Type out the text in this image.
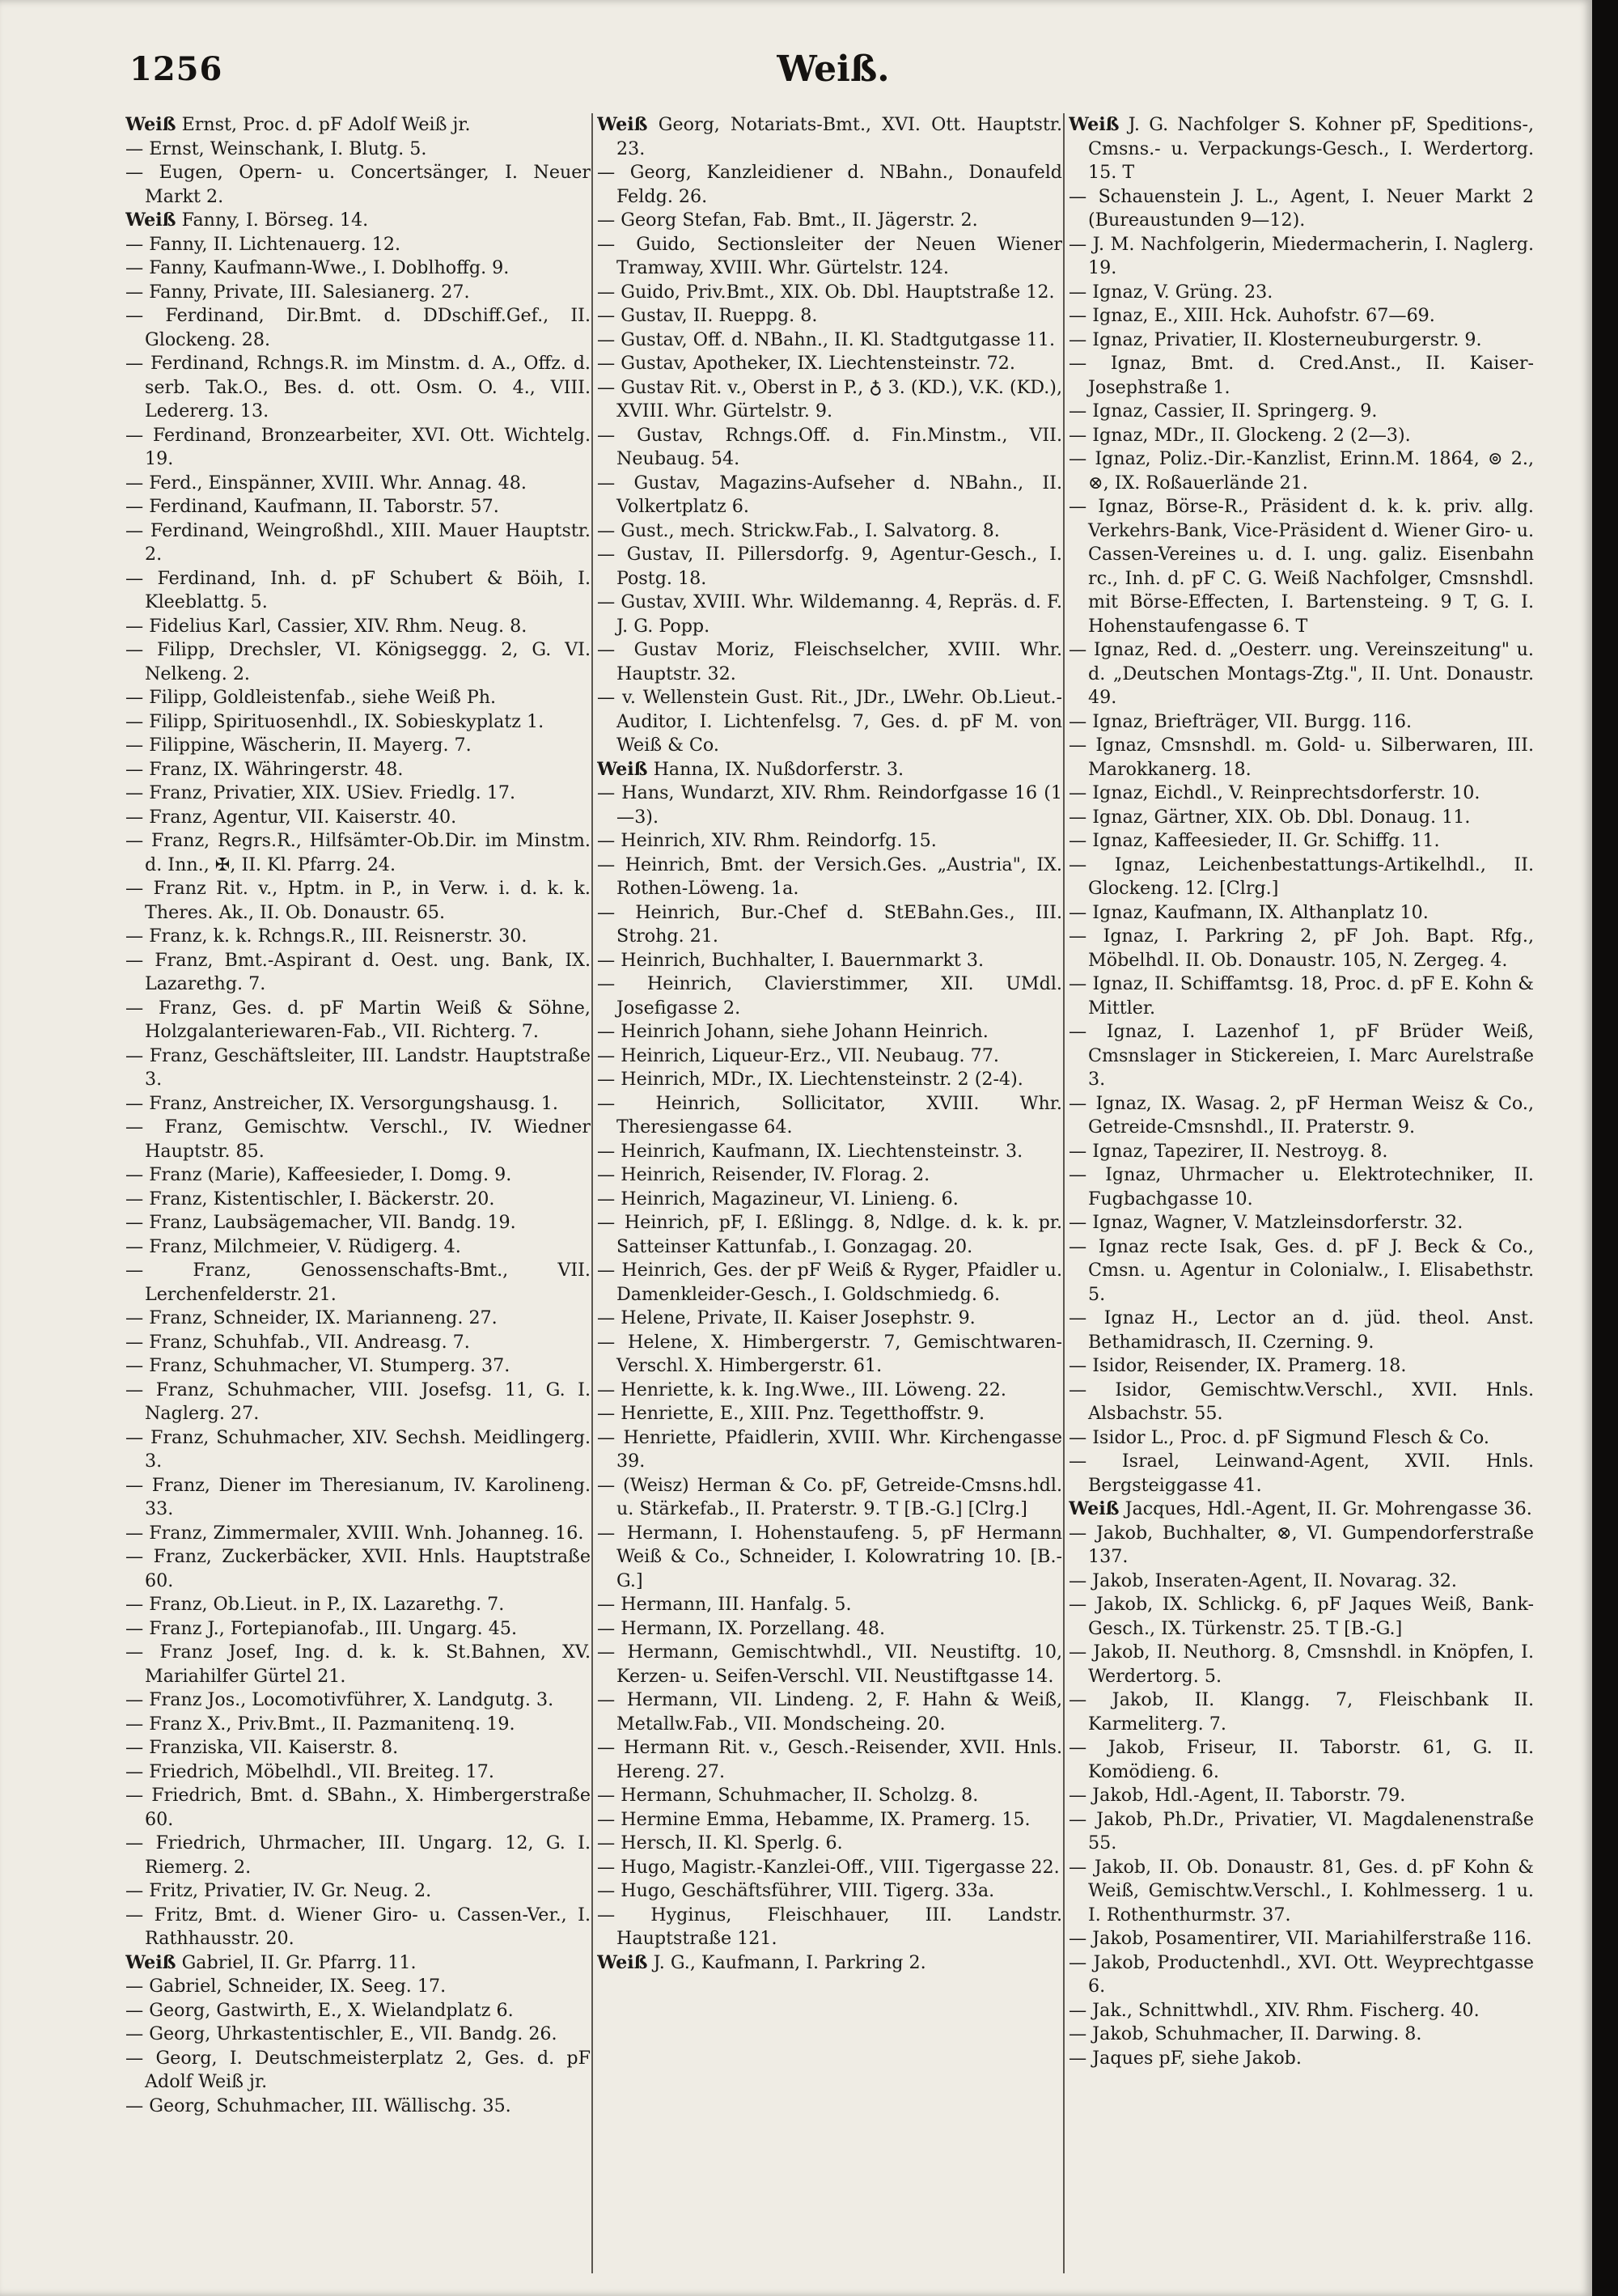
1256	Weiß.
Weiß Ernst, Proc. d. pF Adolf Weiß jr.
— Ernst, Weinschank, I. Blutg. 5.
— Eugen, Opern- u. Concertsänger, I. Neuer Markt 2.
Weiß Fanny, I. Börseg. 14.
— Fanny, II. Lichtenauerg. 12.
— Fanny, Kaufmann-Wwe., I. Doblhoffg. 9.
— Fanny, Private, III. Salesianerg. 27.
— Ferdinand, Dir.Bmt. d. DDschiff.Gef., II. Glockeng. 28.
— Ferdinand, Rchngs.R. im Minstm. d. A., Offz. d. serb. Tak.O., Bes. d. ott. Osm. O. 4., VIII. Ledererg. 13.
— Ferdinand, Bronzearbeiter, XVI. Ott. Wichtelg. 19.
— Ferd., Einspänner, XVIII. Whr. Annag. 48.
— Ferdinand, Kaufmann, II. Taborstr. 57.
— Ferdinand, Weingroßhdl., XIII. Mauer Hauptstr. 2.
— Ferdinand, Inh. d. pF Schubert & Böih, I. Kleeblattg. 5.
— Fidelius Karl, Cassier, XIV. Rhm. Neug. 8.
— Filipp, Drechsler, VI. Königseggg. 2, G. VI. Nelkeng. 2.
— Filipp, Goldleistenfab., siehe Weiß Ph.
— Filipp, Spirituosenhdl., IX. Sobieskyplatz 1.
— Filippine, Wäscherin, II. Mayerg. 7.
— Franz, IX. Währingerstr. 48.
— Franz, Privatier, XIX. USiev. Friedlg. 17.
— Franz, Agentur, VII. Kaiserstr. 40.
— Franz, Regrs.R., Hilfsämter-Ob.Dir. im Minstm. d. Inn., ✠, II. Kl. Pfarrg. 24.
— Franz Rit. v., Hptm. in P., in Verw. i. d. k. k. Theres. Ak., II. Ob. Donaustr. 65.
— Franz, k. k. Rchngs.R., III. Reisnerstr. 30.
— Franz, Bmt.-Aspirant d. Oest. ung. Bank, IX. Lazarethg. 7.
— Franz, Ges. d. pF Martin Weiß & Söhne, Holzgalanteriewaren-Fab., VII. Richterg. 7.
— Franz, Geschäftsleiter, III. Landstr. Hauptstraße 3.
— Franz, Anstreicher, IX. Versorgungshausg. 1.
— Franz, Gemischtw. Verschl., IV. Wiedner Hauptstr. 85.
— Franz (Marie), Kaffeesieder, I. Domg. 9.
— Franz, Kistentischler, I. Bäckerstr. 20.
— Franz, Laubsägemacher, VII. Bandg. 19.
— Franz, Milchmeier, V. Rüdigerg. 4.
— Franz, Genossenschafts-Bmt., VII. Lerchenfelderstr. 21.
— Franz, Schneider, IX. Marianneng. 27.
— Franz, Schuhfab., VII. Andreasg. 7.
— Franz, Schuhmacher, VI. Stumperg. 37.
— Franz, Schuhmacher, VIII. Josefsg. 11, G. I. Naglerg. 27.
— Franz, Schuhmacher, XIV. Sechsh. Meidlingerg. 3.
— Franz, Diener im Theresianum, IV. Karolineng. 33.
— Franz, Zimmermaler, XVIII. Wnh. Johanneg. 16.
— Franz, Zuckerbäcker, XVII. Hnls. Hauptstraße 60.
— Franz, Ob.Lieut. in P., IX. Lazarethg. 7.
— Franz J., Fortepianofab., III. Ungarg. 45.
— Franz Josef, Ing. d. k. k. St.Bahnen, XV. Mariahilfer Gürtel 21.
— Franz Jos., Locomotivführer, X. Landgutg. 3.
— Franz X., Priv.Bmt., II. Pazmanitenq. 19.
— Franziska, VII. Kaiserstr. 8.
— Friedrich, Möbelhdl., VII. Breiteg. 17.
— Friedrich, Bmt. d. SBahn., X. Himbergerstraße 60.
— Friedrich, Uhrmacher, III. Ungarg. 12, G. I. Riemerg. 2.
— Fritz, Privatier, IV. Gr. Neug. 2.
— Fritz, Bmt. d. Wiener Giro- u. Cassen-Ver., I. Rathhausstr. 20.
Weiß Gabriel, II. Gr. Pfarrg. 11.
— Gabriel, Schneider, IX. Seeg. 17.
— Georg, Gastwirth, E., X. Wielandplatz 6.
— Georg, Uhrkastentischler, E., VII. Bandg. 26.
— Georg, I. Deutschmeisterplatz 2, Ges. d. pF Adolf Weiß jr.
— Georg, Schuhmacher, III. Wällischg. 35.
Weiß Georg, Notariats-Bmt., XVI. Ott. Hauptstr. 23.
— Georg, Kanzleidiener d. NBahn., Donaufeld Feldg. 26.
— Georg Stefan, Fab. Bmt., II. Jägerstr. 2.
— Guido, Sectionsleiter der Neuen Wiener Tramway, XVIII. Whr. Gürtelstr. 124.
— Guido, Priv.Bmt., XIX. Ob. Dbl. Hauptstraße 12.
— Gustav, II. Rueppg. 8.
— Gustav, Off. d. NBahn., II. Kl. Stadtgutgasse 11.
— Gustav, Apotheker, IX. Liechtensteinstr. 72.
— Gustav Rit. v., Oberst in P., ♁ 3. (KD.), V.K. (KD.), XVIII. Whr. Gürtelstr. 9.
— Gustav, Rchngs.Off. d. Fin.Minstm., VII. Neubaug. 54.
— Gustav, Magazins-Aufseher d. NBahn., II. Volkertplatz 6.
— Gust., mech. Strickw.Fab., I. Salvatorg. 8.
— Gustav, II. Pillersdorfg. 9, Agentur-Gesch., I. Postg. 18.
— Gustav, XVIII. Whr. Wildemanng. 4, Repräs. d. F. J. G. Popp.
— Gustav Moriz, Fleischselcher, XVIII. Whr. Hauptstr. 32.
— v. Wellenstein Gust. Rit., JDr., LWehr. Ob.Lieut.-Auditor, I. Lichtenfelsg. 7, Ges. d. pF M. von Weiß & Co.
Weiß Hanna, IX. Nußdorferstr. 3.
— Hans, Wundarzt, XIV. Rhm. Reindorfgasse 16 (1—3).
— Heinrich, XIV. Rhm. Reindorfg. 15.
— Heinrich, Bmt. der Versich.Ges. „Austria", IX. Rothen-Löweng. 1a.
— Heinrich, Bur.-Chef d. StEBahn.Ges., III. Strohg. 21.
— Heinrich, Buchhalter, I. Bauernmarkt 3.
— Heinrich, Clavierstimmer, XII. UMdl. Josefigasse 2.
— Heinrich Johann, siehe Johann Heinrich.
— Heinrich, Liqueur-Erz., VII. Neubaug. 77.
— Heinrich, MDr., IX. Liechtensteinstr. 2 (2-4).
— Heinrich, Sollicitator, XVIII. Whr. Theresiengasse 64.
— Heinrich, Kaufmann, IX. Liechtensteinstr. 3.
— Heinrich, Reisender, IV. Florag. 2.
— Heinrich, Magazineur, VI. Linieng. 6.
— Heinrich, pF, I. Eßlingg. 8, Ndlge. d. k. k. pr. Satteinser Kattunfab., I. Gonzagag. 20.
— Heinrich, Ges. der pF Weiß & Ryger, Pfaidler u. Damenkleider-Gesch., I. Goldschmiedg. 6.
— Helene, Private, II. Kaiser Josephstr. 9.
— Helene, X. Himbergerstr. 7, Gemischtwaren-Verschl. X. Himbergerstr. 61.
— Henriette, k. k. Ing.Wwe., III. Löweng. 22.
— Henriette, E., XIII. Pnz. Tegetthoffstr. 9.
— Henriette, Pfaidlerin, XVIII. Whr. Kirchengasse 39.
— (Weisz) Herman & Co. pF, Getreide-Cmsns.hdl. u. Stärkefab., II. Praterstr. 9. T [B.-G.] [Clrg.]
— Hermann, I. Hohenstaufeng. 5, pF Hermann Weiß & Co., Schneider, I. Kolowratring 10. [B.-G.]
— Hermann, III. Hanfalg. 5.
— Hermann, IX. Porzellang. 48.
— Hermann, Gemischtwhdl., VII. Neustiftg. 10, Kerzen- u. Seifen-Verschl. VII. Neustiftgasse 14.
— Hermann, VII. Lindeng. 2, F. Hahn & Weiß, Metallw.Fab., VII. Mondscheing. 20.
— Hermann Rit. v., Gesch.-Reisender, XVII. Hnls. Hereng. 27.
— Hermann, Schuhmacher, II. Scholzg. 8.
— Hermine Emma, Hebamme, IX. Pramerg. 15.
— Hersch, II. Kl. Sperlg. 6.
— Hugo, Magistr.-Kanzlei-Off., VIII. Tigergasse 22.
— Hugo, Geschäftsführer, VIII. Tigerg. 33a.
— Hyginus, Fleischhauer, III. Landstr. Hauptstraße 121.
Weiß J. G., Kaufmann, I. Parkring 2.
Weiß J. G. Nachfolger S. Kohner pF, Speditions-, Cmsns.- u. Verpackungs-Gesch., I. Werdertorg. 15. T
— Schauenstein J. L., Agent, I. Neuer Markt 2 (Bureaustunden 9—12).
— J. M. Nachfolgerin, Miedermacherin, I. Naglerg. 19.
— Ignaz, V. Grüng. 23.
— Ignaz, E., XIII. Hck. Auhofstr. 67—69.
— Ignaz, Privatier, II. Klosterneuburgerstr. 9.
— Ignaz, Bmt. d. Cred.Anst., II. Kaiser-Josephstraße 1.
— Ignaz, Cassier, II. Springerg. 9.
— Ignaz, MDr., II. Glockeng. 2 (2—3).
— Ignaz, Poliz.-Dir.-Kanzlist, Erinn.M. 1864, ⊚ 2., ⊗, IX. Roßauerlände 21.
— Ignaz, Börse-R., Präsident d. k. k. priv. allg. Verkehrs-Bank, Vice-Präsident d. Wiener Giro- u. Cassen-Vereines u. d. I. ung. galiz. Eisenbahn rc., Inh. d. pF C. G. Weiß Nachfolger, Cmsnshdl. mit Börse-Effecten, I. Bartensteing. 9 T, G. I. Hohenstaufengasse 6. T
— Ignaz, Red. d. „Oesterr. ung. Vereinszeitung" u. d. „Deutschen Montags-Ztg.", II. Unt. Donaustr. 49.
— Ignaz, Briefträger, VII. Burgg. 116.
— Ignaz, Cmsnshdl. m. Gold- u. Silberwaren, III. Marokkanerg. 18.
— Ignaz, Eichdl., V. Reinprechtsdorferstr. 10.
— Ignaz, Gärtner, XIX. Ob. Dbl. Donaug. 11.
— Ignaz, Kaffeesieder, II. Gr. Schiffg. 11.
— Ignaz, Leichenbestattungs-Artikelhdl., II. Glockeng. 12. [Clrg.]
— Ignaz, Kaufmann, IX. Althanplatz 10.
— Ignaz, I. Parkring 2, pF Joh. Bapt. Rfg., Möbelhdl. II. Ob. Donaustr. 105, N. Zergeg. 4.
— Ignaz, II. Schiffamtsg. 18, Proc. d. pF E. Kohn & Mittler.
— Ignaz, I. Lazenhof 1, pF Brüder Weiß, Cmsnslager in Stickereien, I. Marc Aurelstraße 3.
— Ignaz, IX. Wasag. 2, pF Herman Weisz & Co., Getreide-Cmsnshdl., II. Praterstr. 9.
— Ignaz, Tapezirer, II. Nestroyg. 8.
— Ignaz, Uhrmacher u. Elektrotechniker, II. Fugbachgasse 10.
— Ignaz, Wagner, V. Matzleinsdorferstr. 32.
— Ignaz recte Isak, Ges. d. pF J. Beck & Co., Cmsn. u. Agentur in Colonialw., I. Elisabethstr. 5.
— Ignaz H., Lector an d. jüd. theol. Anst. Bethamidrasch, II. Czerning. 9.
— Isidor, Reisender, IX. Pramerg. 18.
— Isidor, Gemischtw.Verschl., XVII. Hnls. Alsbachstr. 55.
— Isidor L., Proc. d. pF Sigmund Flesch & Co.
— Israel, Leinwand-Agent, XVII. Hnls. Bergsteiggasse 41.
Weiß Jacques, Hdl.-Agent, II. Gr. Mohrengasse 36.
— Jakob, Buchhalter, ⊗, VI. Gumpendorferstraße 137.
— Jakob, Inseraten-Agent, II. Novarag. 32.
— Jakob, IX. Schlickg. 6, pF Jaques Weiß, Bank-Gesch., IX. Türkenstr. 25. T [B.-G.]
— Jakob, II. Neuthorg. 8, Cmsnshdl. in Knöpfen, I. Werdertorg. 5.
— Jakob, II. Klangg. 7, Fleischbank II. Karmeliterg. 7.
— Jakob, Friseur, II. Taborstr. 61, G. II. Komödieng. 6.
— Jakob, Hdl.-Agent, II. Taborstr. 79.
— Jakob, Ph.Dr., Privatier, VI. Magdalenenstraße 55.
— Jakob, II. Ob. Donaustr. 81, Ges. d. pF Kohn & Weiß, Gemischtw.Verschl., I. Kohlmesserg. 1 u. I. Rothenthurmstr. 37.
— Jakob, Posamentirer, VII. Mariahilferstraße 116.
— Jakob, Productenhdl., XVI. Ott. Weyprechtgasse 6.
— Jak., Schnittwhdl., XIV. Rhm. Fischerg. 40.
— Jakob, Schuhmacher, II. Darwing. 8.
— Jaques pF, siehe Jakob.
